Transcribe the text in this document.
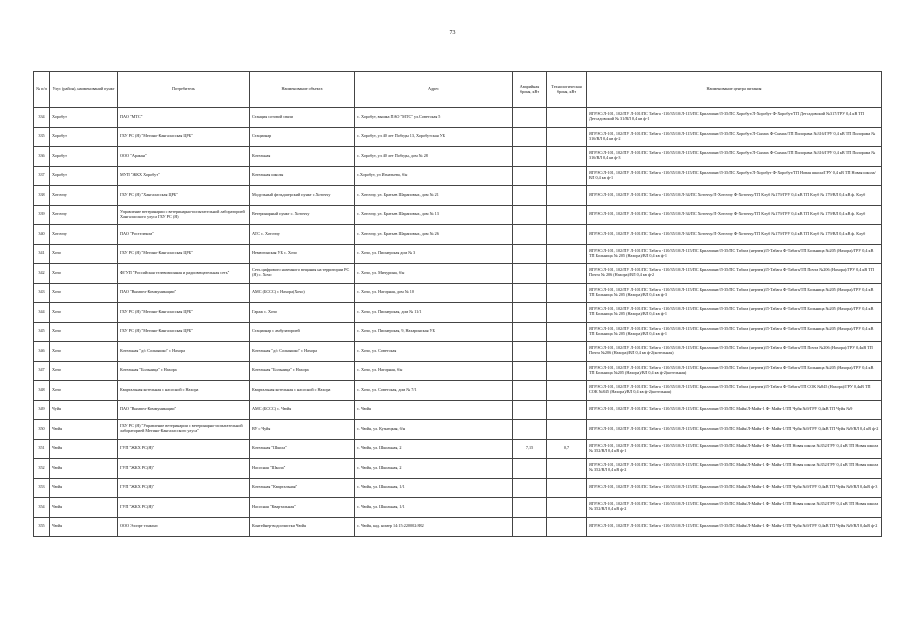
73
№ п/п	Улус (район), наименований пункт	Потребитель	Наименование объекта	Адрес	Аварийная броня, кВт	Технологическая броня, кВт	Наименование центра питания
334	Хоробут	ПАО "МТС"	Станция сотовой связи	с. Хоробут, вышка ПАО "МТС" ул.Советская 5			ЯГРЭС/Л-101, 102/ПУ Л-101/ПС Табага -110/35/10/Л-115/ПС Бриллиант/Л-35/ПС Хоробут/Л-Хоробут Ф-Хоробут/ТП Детсадовский №317/ГРУ 0,4 кВ ТП Детсадовский № 31/ВЛ 0,4 кв ф-1
335	Хоробут	ГБУ РС (Я) "Мегино-Кангаласская ЦРБ"	Стационар	с. Хоробут, ул 40 лет Победы 13, Хоробутская УБ			ЯГРЭС/Л-101, 102/ПУ Л-101/ПС Табага -110/35/10/Л-115/ПС Бриллиант/Л-35/ПС Хоробут/Л-Сымах Ф-Сымах/ТП Пилорама №316/ГРУ 0,4 кВ ТП Пилорама № 316/ВЛ 0,4 кв ф-2
336	Хоробут	ООО "Аракан"	Котельная	с. Хоробут, ул 40 лет Победы, дом № 28			ЯГРЭС/Л-101, 102/ПУ Л-101/ПС Табага -110/35/10/Л-115/ПС Бриллиант/Л-35/ПС Хоробут/Л-Сымах Ф-Сымах/ТП Пилорама №316/ГРУ 0,4 кВ ТП Пилорама № 316/ВЛ 0,4 кв ф-3
337	Хоробут	МУП "ЖКХ Хоробут"	Котельная школы	с.Хоробут, ул Игнатьева, б/н			ЯГРЭС/Л-101, 102/ПУ Л-101/ПС Табага -110/35/10/Л-115/ПС Бриллиант/Л-35/ПС Хоробут/Л-Хоробут Ф-Хоробут/ТП Новая школа/ГРУ 0,4 кВ ТП Новая школа/ВЛ 0,4 кв ф-1
338	Хоточчу	ГБУ РС (Я) "Хангаласская ЦРБ"	Модульный фельдшерский пункт с.Хоточчу	с. Хоточчу, ул. Братьев Шараповых, дом № 21			ЯГРЭС/Л-101, 102/ПУ Л-101/ПС Табага -110/35/10/Л-34/ПС Хоточчу/Л-Хоточчу Ф-Хоточчу/ТП Клуб №179/ГРУ 0,4 кВ ТП Клуб № 179/ВЛ 0,4 кВ ф. Клуб
339	Хоточчу	Управление ветеринарии с ветеринарно-испытательной лабораторией Хангаласского улуса ГБУ РС (Я)	Ветеринарный пункт с. Хоточчу	с. Хоточчу, ул. Братьев Шараповых, дом № 13			ЯГРЭС/Л-101, 102/ПУ Л-101/ПС Табага -110/35/10/Л-34/ПС Хоточчу/Л-Хоточчу Ф-Хоточчу/ТП Клуб №179/ГРУ 0,4 кВ ТП Клуб № 179/ВЛ 0,4 кВ ф. Клуб
340	Хоточчу	ПАО "Ростелеком"	АТС с. Хоточчу	с. Хоточчу, ул. Братьев Шараповых, дом № 26			ЯГРЭС/Л-101, 102/ПУ Л-101/ПС Табага -110/35/10/Л-34/ПС Хоточчу/Л-Хоточчу Ф-Хоточчу/ТП Клуб №179/ГРУ 0,4 кВ ТП Клуб № 179/ВЛ 0,4 кВ ф. Клуб
341	Хочо	ГБУ РС (Я) "Мегино-Кангаласская ЦРБ"	Немюгинская УБ с. Хочо	с. Хочо, ул. Пионерская дом № 3			ЯГРЭС/Л-101, 102/ПУ Л-101/ПС Табага -110/35/10/Л-115/ПС Бриллиант/Л-35/ПС Табага (нерчем)/Л-Табага Ф-Табага/ТП Больница №205 (Нахора)/ГРУ 0,4 кВ ТП Больница № 205 (Нахора)/ВЛ 0,4 кв ф-1
342	Хочо	ФГУП "Российская телевизионная и радиовещательная сеть"	Сеть цифрового наземного вещания на территории РС (Я) с. Хочо	с. Хочо, ул. Мичурина, б/н			ЯГРЭС/Л-101, 102/ПУ Л-101/ПС Табага -110/35/10/Л-115/ПС Бриллиант/Л-35/ПС Табага (нерчем)/Л-Табага Ф-Табага/ТП Почта №206 (Нахора)/ГРУ 0,4 кВ ТП Почта № 206 (Нахора)/ВЛ 0,4 кв ф-2
343	Хочо	ПАО "Вымпел-Коммуникации"	АМС (БССС) с Нахора(Хочо)	с. Хочо, ул. Нагорная, дом № 10			ЯГРЭС/Л-101, 102/ПУ Л-101/ПС Табага -110/35/10/Л-115/ПС Бриллиант/Л-35/ПС Табага (нерчем)/Л-Табага Ф-Табага/ТП Больница №205 (Нахора)/ГРУ 0,4 кВ ТП Больница № 205 (Нахора)/ВЛ 0,4 кв ф-3
344	Хочо	ГБУ РС (Я) "Мегино-Кангаласская ЦРБ"	Гараж с. Хочо	с. Хочо, ул. Пионерская, дом № 11/1			ЯГРЭС/Л-101, 102/ПУ Л-101/ПС Табага -110/35/10/Л-115/ПС Бриллиант/Л-35/ПС Табага (нерчем)/Л-Табага Ф-Табага/ТП Больница №205 (Нахора)/ГРУ 0,4 кВ ТП Больница № 205 (Нахора)/ВЛ 0,4 кв ф-1
345	Хочо	ГБУ РС (Я) "Мегино-Кангаласская ЦРБ"	Стационар с амбулаторией	с. Хочо, ул. Пионерская, 9, Нахаринская УБ			ЯГРЭС/Л-101, 102/ПУ Л-101/ПС Табага -110/35/10/Л-115/ПС Бриллиант/Л-35/ПС Табага (нерчем)/Л-Табага Ф-Табага/ТП Больница №205 (Нахора)/ГРУ 0,4 кВ ТП Больница № 205 (Нахора)/ВЛ 0,4 кв ф-1
346	Хочо	Котельная "д/с Солнышко" с Нахора	Котельная "д/с Солнышко" с Нахора	с. Хочо, ул. Советская			ЯГРЭС/Л-101, 102/ПУ Л-101/ПС Табага -110/35/10/Л-115/ПС Бриллиант/Л-35/ПС Табага (нерчем)/Л-Табага Ф-Табага/ТП Почта №206 (Нахора)/ГРУ 0,4кВ ТП Почта №206 (Нахора)/ВЛ 0,4 кв ф-2(котельная)
347	Хочо	Котельная "Больница" с Нахора	Котельная "Больница" с Нахора	с. Хочо, ул. Нагорная, б/н			ЯГРЭС/Л-101, 102/ПУ Л-101/ПС Табага -110/35/10/Л-115/ПС Бриллиант/Л-35/ПС Табага (нерчем)/Л-Табага Ф-Табага/ТП Больница №205 (Нахора)/ГРУ 0,4 кВ ТП Больница №205 (Нахора)/ВЛ 0,4 кв ф-2(котельная)
348	Хочо	Квартальная котельная с насосной с Нахора	Квартальная котельная с насосной с Нахора	с. Хочо, ул. Советская, дом № 7/1			ЯГРЭС/Л-101, 102/ПУ Л-101/ПС Табага -110/35/10/Л-115/ПС Бриллиант/Л-35/ПС Табага (нерчем)/Л-Табага Ф-Табага/ТП СОК №845 (Нахора)/ГРУ 0,4кВ ТП СОК №845 (Нахора)/ВЛ 0,4 кв ф-2(котельная)
349	Чуйя	ПАО "Вымпел-Коммуникации"	АМС (БССС) с. Чюйя	с. Чюйя			ЯГРЭС/Л-101, 102/ПУ Л-101/ПС Табага -110/35/10/Л-115/ПС Бриллиант/Л-35/ПС Майя/Л-Майя-1 Ф- Майя-1/ТП Чуйя №9/ГРУ 0,4кВ ТП Чуйя №9
350	Чюйя	ГБУ РС (Я) "Управление ветеринарии с ветеринарно-испытательной лабораторией Мегино-Кангаласского улуса"	ВУ с Чуйя	с. Чюйя, ул. Кузнецкая, б/н			ЯГРЭС/Л-101, 102/ПУ Л-101/ПС Табага -110/35/10/Л-115/ПС Бриллиант/Л-35/ПС Майя/Л-Майя-1 Ф- Майя-1/ТП Чуйя №9/ГРУ 0,4кВ ТП Чуйя №9/ВЛ 0,4 кВ ф-2
351	Чюйя	ГУП "ЖКХ РС(Я)"	Котельная "Школа"	с. Чюйя, ул. Школьная, 2	7,15	0,7	ЯГРЭС/Л-101, 102/ПУ Л-101/ПС Табага -110/35/10/Л-115/ПС Бриллиант/Л-35/ПС Майя/Л-Майя-1 Ф- Майя-1/ТП Новая школа №352/ГРУ 0,4 кВ ТП Новая школа № 352/ВЛ 0,4 кВ ф-1
352	Чюйя	ГУП "ЖКХ РС(Я)"	Насосная "Школа"	с. Чюйя, ул. Школьная, 2			ЯГРЭС/Л-101, 102/ПУ Л-101/ПС Табага -110/35/10/Л-115/ПС Бриллиант/Л-35/ПС Майя/Л-Майя-1 Ф- Майя-1/ТП Новая школа №352/ГРУ 0,4 кВ ТП Новая школа № 352/ВЛ 0,4 кВ ф-2
353	Чюйя	ГУП "ЖКХ РС(Я)"	Котельная "Квартальная"	с. Чюйя, ул. Школьная, 1/1			ЯГРЭС/Л-101, 102/ПУ Л-101/ПС Табага -110/35/10/Л-115/ПС Бриллиант/Л-35/ПС Майя/Л-Майя-1 Ф- Майя-1/ТП Чуйя №9/ГРУ 0,4кВ ТП Чуйя №9/ВЛ 0,4кВ ф-3
354	Чюйя	ГУП "ЖКХ РС(Я)"	Насосная "Квартальная"	с. Чюйя, ул. Школьная, 1/1			ЯГРЭС/Л-101, 102/ПУ Л-101/ПС Табага -110/35/10/Л-115/ПС Бриллиант/Л-35/ПС Майя/Л-Майя-1 Ф- Майя-1/ТП Новая школа №352/ГРУ 0,4 кВ ТП Новая школа № 352/ВЛ 0,4 кВ ф-2
355	Чюйя	ООО Эллэрт тэнкэнэ	Контейнер-водоочистки Чюйя	с. Чюйя, кад. номер 14:15:220002:882			ЯГРЭС/Л-101, 102/ПУ Л-101/ПС Табага -110/35/10/Л-115/ПС Бриллиант/Л-35/ПС Майя/Л-Майя-1 Ф- Майя-1/ТП Чуйя №9/ГРУ 0,4кВ ТП Чуйя №9/ВЛ 0,4кВ ф-2
